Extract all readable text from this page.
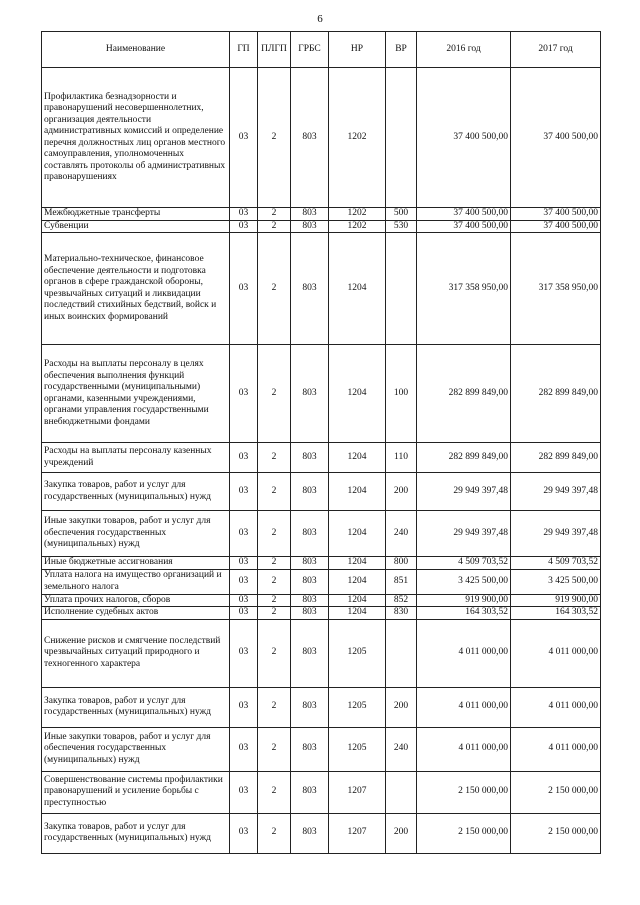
6
Наименование	ГП	ПЛГП	ГРБС	НР	ВР	2016 год	2017 год
Профилактика безнадзорности и правонарушений несовершеннолетних, организация деятельности административных комиссий и определение перечня должностных лиц органов местного самоуправления, уполномоченных составлять протоколы об административных правонарушениях	03	2	803	1202		37 400 500,00	37 400 500,00
Межбюджетные трансферты	03	2	803	1202	500	37 400 500,00	37 400 500,00
Субвенции	03	2	803	1202	530	37 400 500,00	37 400 500,00
Материально-техническое, финансовое обеспечение деятельности и подготовка органов в сфере гражданской обороны, чрезвычайных ситуаций и ликвидации последствий стихийных бедствий, войск и иных воинских формирований	03	2	803	1204		317 358 950,00	317 358 950,00
Расходы на выплаты персоналу в целях обеспечения выполнения функций государственными (муниципальными) органами, казенными учреждениями, органами управления государственными внебюджетными фондами	03	2	803	1204	100	282 899 849,00	282 899 849,00
Расходы на выплаты персоналу казенных учреждений	03	2	803	1204	110	282 899 849,00	282 899 849,00
Закупка товаров, работ и услуг для государственных (муниципальных) нужд	03	2	803	1204	200	29 949 397,48	29 949 397,48
Иные закупки товаров, работ и услуг для обеспечения государственных (муниципальных) нужд	03	2	803	1204	240	29 949 397,48	29 949 397,48
Иные бюджетные ассигнования	03	2	803	1204	800	4 509 703,52	4 509 703,52
Уплата налога на имущество организаций и земельного налога	03	2	803	1204	851	3 425 500,00	3 425 500,00
Уплата прочих налогов, сборов	03	2	803	1204	852	919 900,00	919 900,00
Исполнение судебных актов	03	2	803	1204	830	164 303,52	164 303,52
Снижение рисков и смягчение последствий чрезвычайных ситуаций природного и техногенного характера	03	2	803	1205		4 011 000,00	4 011 000,00
Закупка товаров, работ и услуг для государственных (муниципальных) нужд	03	2	803	1205	200	4 011 000,00	4 011 000,00
Иные закупки товаров, работ и услуг для обеспечения государственных (муниципальных) нужд	03	2	803	1205	240	4 011 000,00	4 011 000,00
Совершенствование системы профилактики правонарушений и усиление борьбы с преступностью	03	2	803	1207		2 150 000,00	2 150 000,00
Закупка товаров, работ и услуг для государственных (муниципальных) нужд	03	2	803	1207	200	2 150 000,00	2 150 000,00
